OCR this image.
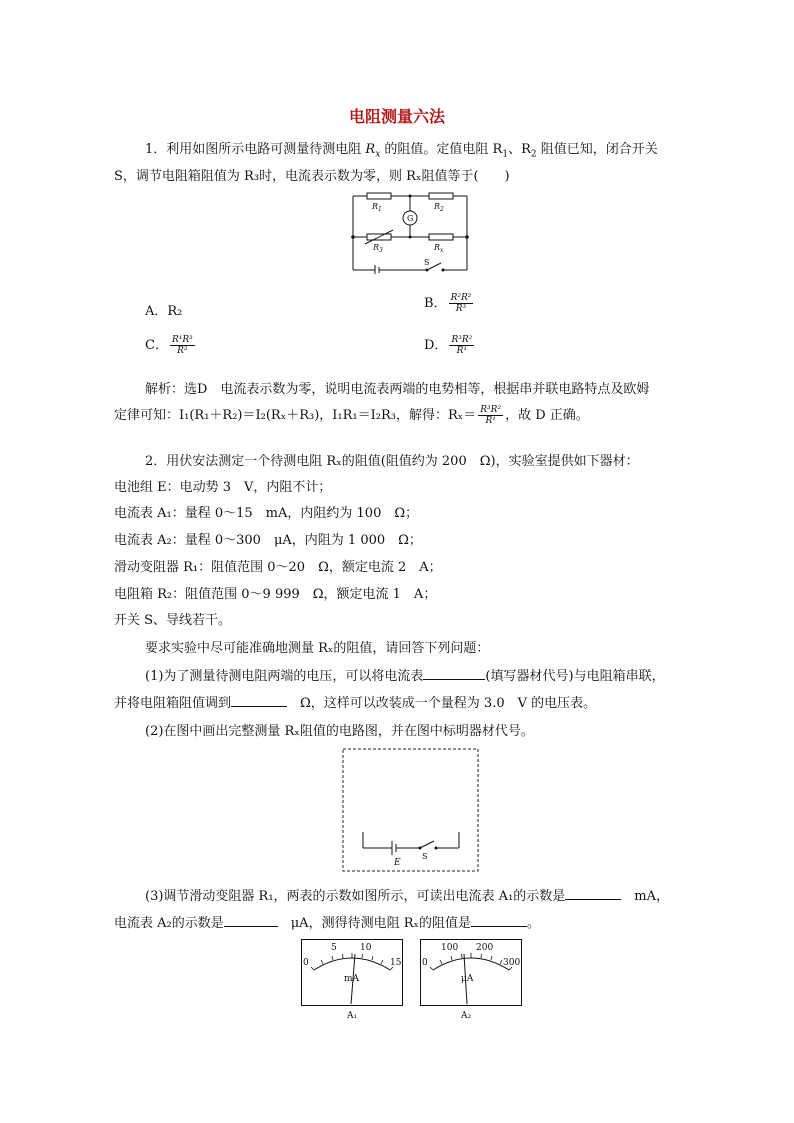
电阻测量六法
1．利用如图所示电路可测量待测电阻 $R_x$ 的阻值。定值电阻 $R_1$、$R_2$ 阻值已知，闭合开关
S，调节电阻箱阻值为 R₃时，电流表示数为零，则 Rₓ阻值等于(　　)
$R_1$	$R_2$
$R_3$	$R_x$
G
S
A．R₂
B． $\frac{\text{R²R²}}{\text{R³}}$
C． $\frac{\text{R¹R³}}{\text{R²}}$	D． $\frac{\text{R³R²}}{\text{R¹}}$
解析：选D　电流表示数为零，说明电流表两端的电势相等，根据串并联电路特点及欧姆
定律可知：I₁(R₁＋R₂)＝I₂(Rₓ＋R₃)，I₁R₁＝I₂R₃，解得：$R_x= \frac{\text{R³R²}}{\text{R¹}}$ ，故 D 正确。
2．用伏安法测定一个待测电阻 Rₓ的阻值(阻值约为 200　Ω)，实验室提供如下器材：
电池组 E：电动势 3　V，内阻不计；
电流表 A₁：量程 0～15　mA，内阻约为 100　Ω；
电流表 A₂：量程 0～300　μA，内阻为 1 000　Ω；
滑动变阻器 R₁：阻值范围 0～20　Ω，额定电流 2　A；
电阻箱 R₂：阻值范围 0～9 999　Ω，额定电流 1　A；
开关 S、导线若干。
要求实验中尽可能准确地测量 Rₓ的阻值，请回答下列问题：
(1)为了测量待测电阻两端的电压，可以将电流表	(填写器材代号)与电阻箱串联，
并将电阻箱阻值调到	　Ω，这样可以改装成一个量程为 3.0　V 的电压表。
(2)在图中画出完整测量 Rₓ阻值的电路图，并在图中标明器材代号。
E
S
(3)调节滑动变阻器 R₁，两表的示数如图所示，可读出电流表 A₁的示数是	　mA，
电流表 A₂的示数是	　μA，测得待测电阻 Rₓ的阻值是	。
0
5	10
15
mA
A₁
0
100 200
300
μA
A₂
